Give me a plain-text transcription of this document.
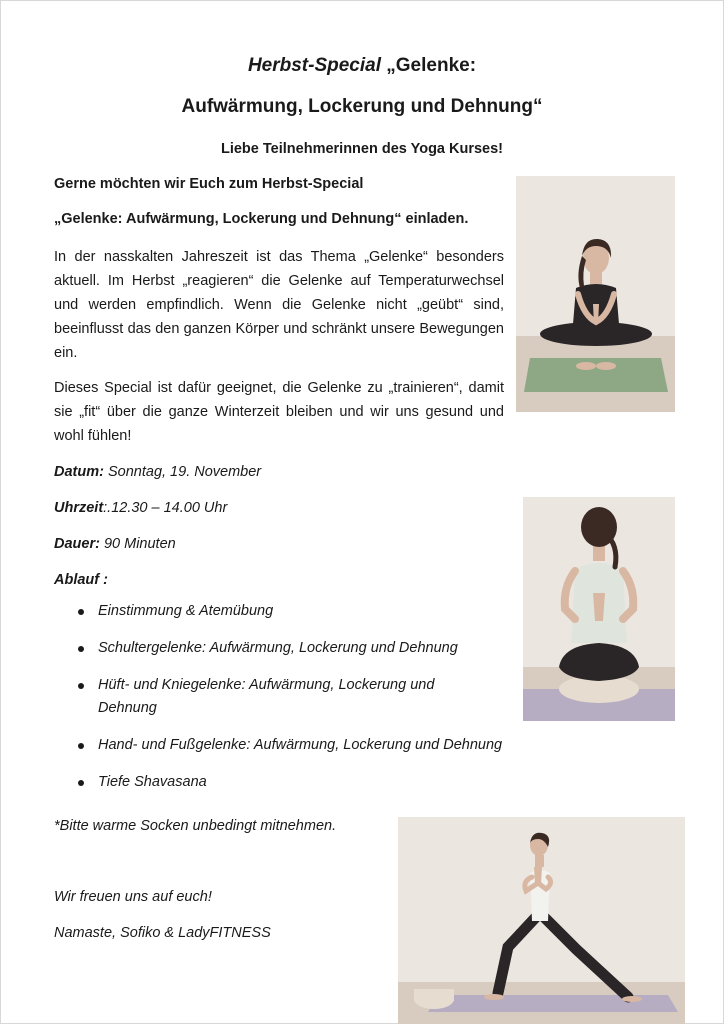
Herbst-Special „Gelenke:
Aufwärmung, Lockerung und Dehnung“
Liebe Teilnehmerinnen des Yoga Kurses!
Gerne möchten wir Euch zum Herbst-Special
„Gelenke: Aufwärmung, Lockerung und Dehnung“ einladen.
In der nasskalten Jahreszeit ist das Thema „Gelenke“ besonders aktuell. Im Herbst „reagieren“ die Gelenke auf Temperaturwechsel und werden empfindlich. Wenn die Gelenke nicht „geübt“ sind, beeinflusst das den ganzen Körper und schränkt unsere Bewegungen ein.
Dieses Special ist dafür geeignet, die Gelenke zu „trainieren“, damit sie „fit“ über die ganze Winterzeit bleiben und wir uns gesund und wohl fühlen!
Datum: Sonntag, 19. November
Uhrzeit:.12.30 – 14.00 Uhr
Dauer: 90 Minuten
Ablauf :
Einstimmung & Atemübung
Schultergelenke: Aufwärmung, Lockerung und Dehnung
Hüft- und Kniegelenke: Aufwärmung, Lockerung und Dehnung
Hand- und Fußgelenke: Aufwärmung, Lockerung und Dehnung
Tiefe Shavasana
*Bitte warme Socken unbedingt mitnehmen.
Wir freuen uns auf euch!
Namaste, Sofiko & LadyFITNESS
